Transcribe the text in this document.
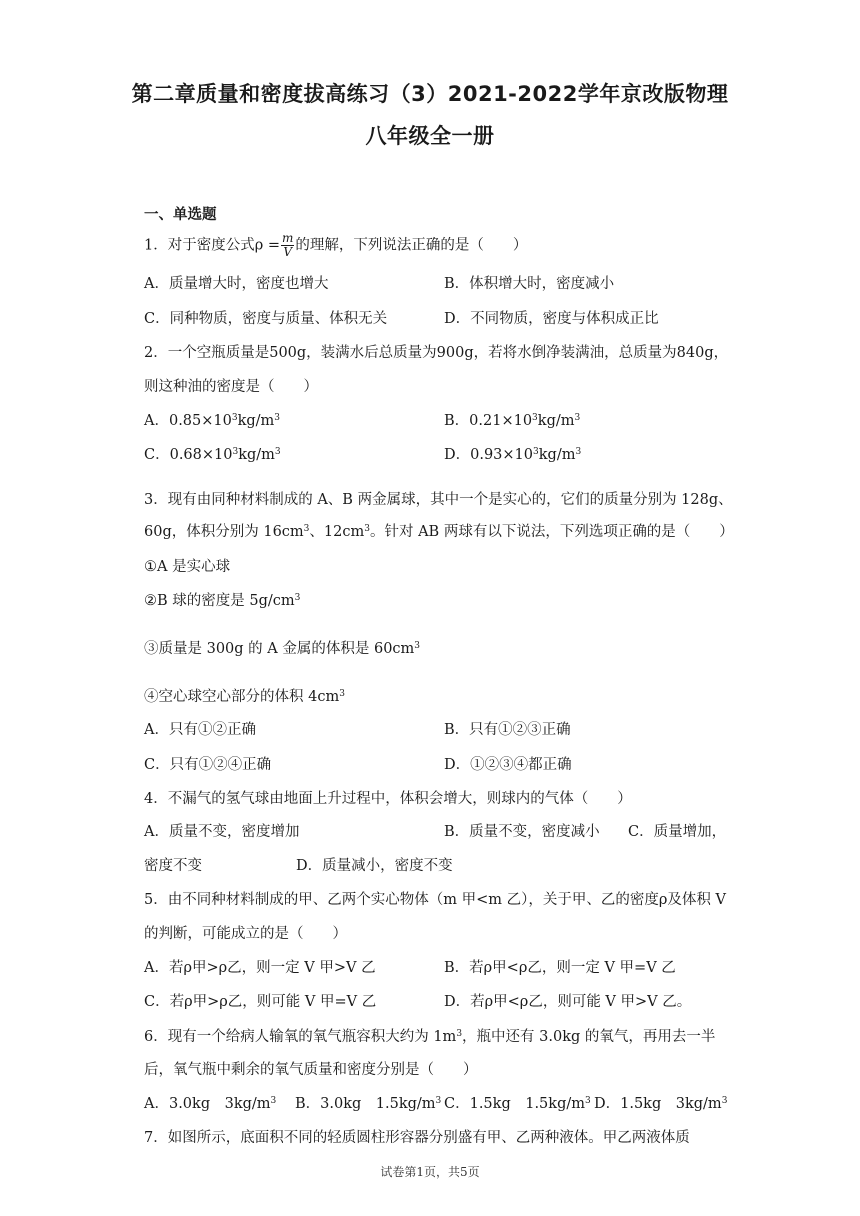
第二章质量和密度拔高练习（3）2021-2022学年京改版物理
八年级全一册
一、单选题
1．对于密度公式$\rho = \frac{m}{V}$ 的理解，下列说法正确的是（　　）
A．质量增大时，密度也增大	B．体积增大时，密度减小
C．同种物质，密度与质量、体积无关	D．不同物质，密度与体积成正比
2．一个空瓶质量是500g，装满水后总质量为900g，若将水倒净装满油，总质量为840g，
则这种油的密度是（　　）
A．$0.85\times 10^3kg/m^3$	B．$0.21\times 10^3kg/m^3$
C．$0.68\times 10^3kg/m^3$	D．$0.93\times 10^3kg/m^3$
3．现有由同种材料制成的 A、B 两金属球，其中一个是实心的，它们的质量分别为 128g、
60g，体积分别为 $16cm^3$、$12cm^3$。针对 AB 两球有以下说法，下列选项正确的是（　　）
①A 是实心球
②B 球的密度是 $5g/cm^3$
③质量是 300g 的 A 金属的体积是 $60cm^3$
④空心球空心部分的体积 $4cm^3$
A．只有①②正确	B．只有①②③正确
C．只有①②④正确	D．①②③④都正确
4．不漏气的氢气球由地面上升过程中，体积会增大，则球内的气体（　　）
A．质量不变，密度增加	B．质量不变，密度减小 C．质量增加，
密度不变	D．质量减小，密度不变
5．由不同种材料制成的甲、乙两个实心物体（m 甲<m 乙），关于甲、乙的密度ρ及体积 V
的判断，可能成立的是（　　）
A．若ρ甲>ρ乙，则一定 V 甲>V 乙	B．若ρ甲<ρ乙，则一定 V 甲=V 乙
C．若ρ甲>ρ乙，则可能 V 甲=V 乙	D．若ρ甲<ρ乙，则可能 V 甲>V 乙。
6．现有一个给病人输氧的氧气瓶容积大约为 $1m^3$，瓶中还有 3.0kg 的氧气，再用去一半
后，氧气瓶中剩余的氧气质量和密度分别是（　　）
A．3.0kg　$3kg/m^3$ B．3.0kg　$1.5kg/m^3$ C．1.5kg　$1.5kg/m^3$ D．1.5kg　$3kg/m^3$
7．如图所示，底面积不同的轻质圆柱形容器分别盛有甲、乙两种液体。甲乙两液体质
试卷第1页，共5页
